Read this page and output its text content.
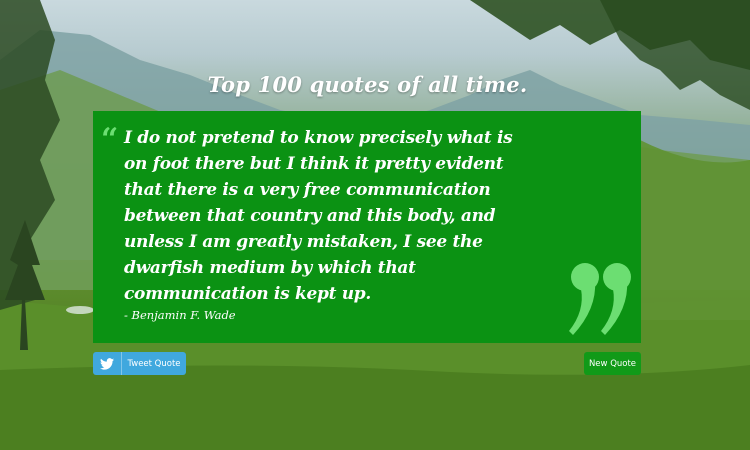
Top 100 quotes of all time.
“ I do not pretend to know precisely what is on foot there but I think it pretty evident that there is a very free communication between that country and this body, and unless I am greatly mistaken, I see the dwarfish medium by which that communication is kept up.
- Benjamin F. Wade
Tweet Quote	New Quote
